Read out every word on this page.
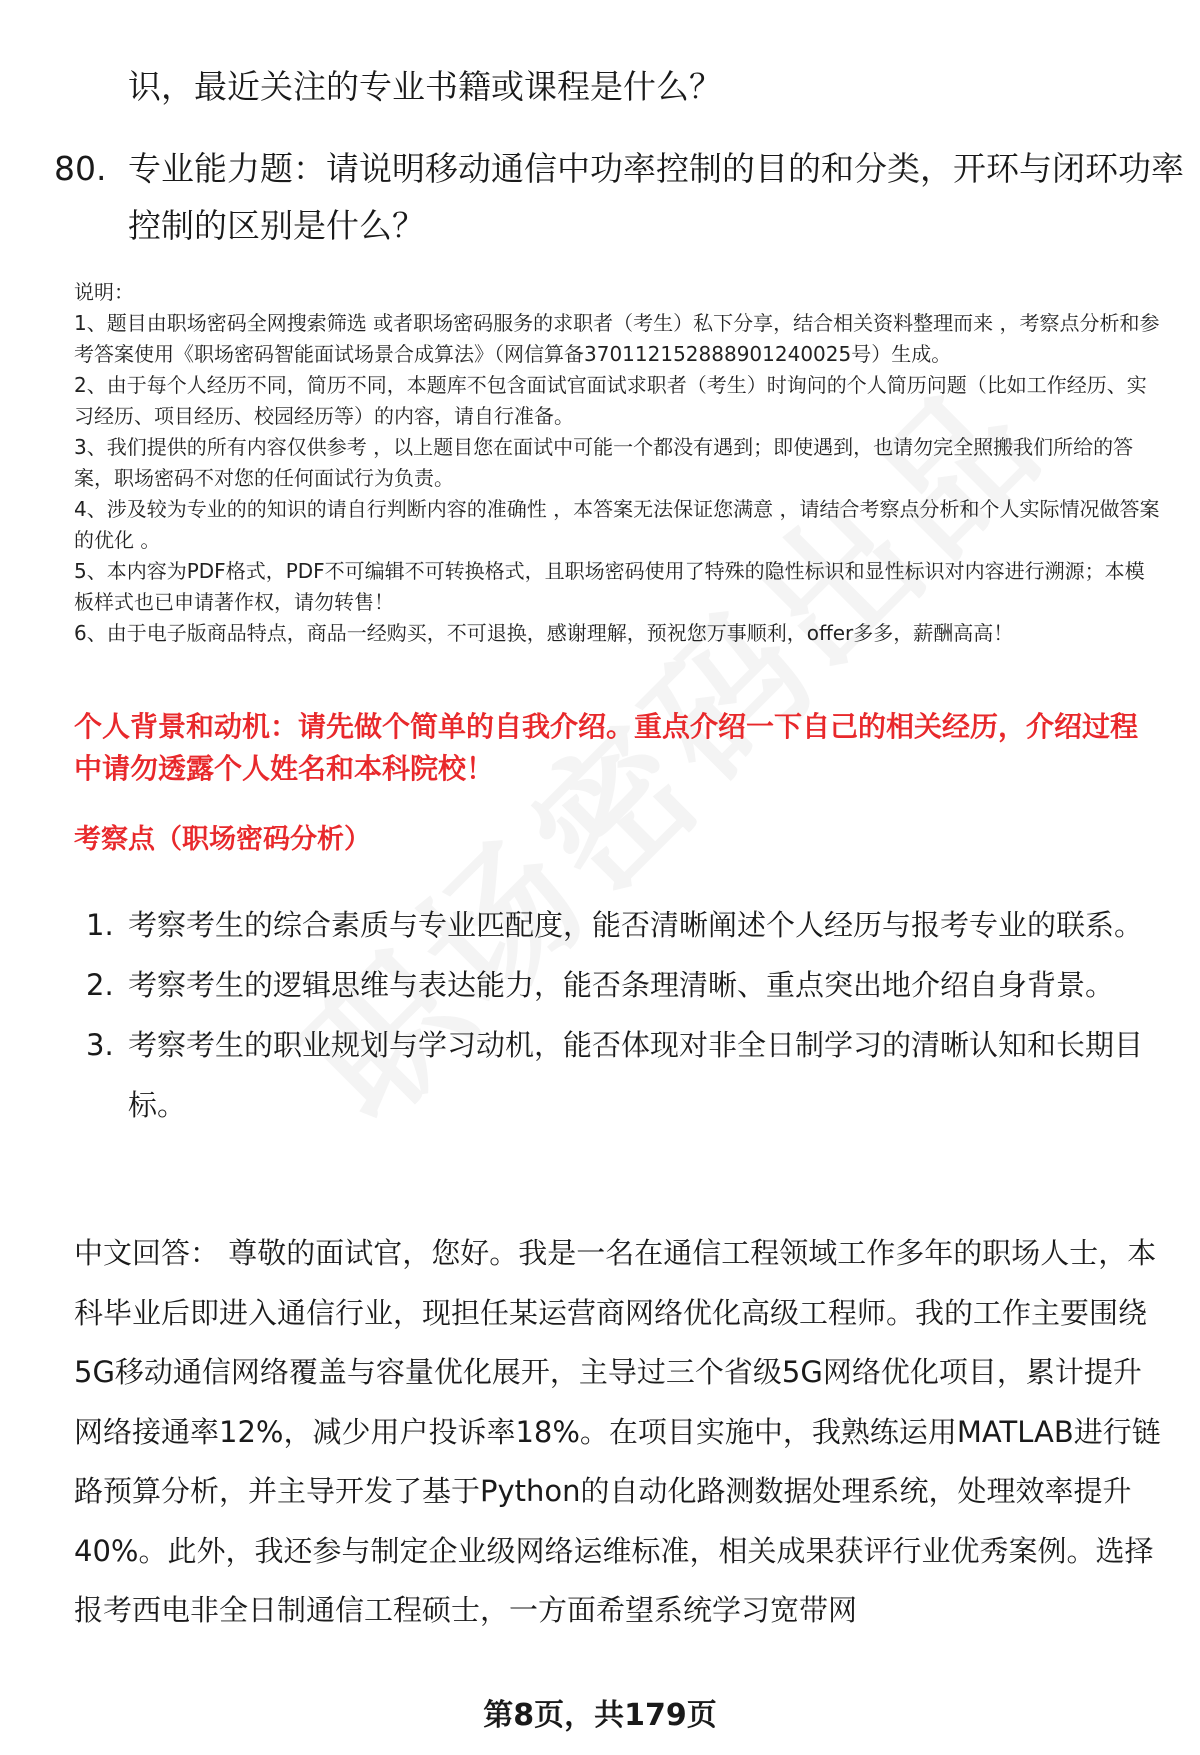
识，最近关注的专业书籍或课程是什么？
80. 专业能力题：请说明移动通信中功率控制的目的和分类，开环与闭环功率控制的区别是什么？

说明：

1、题目由职场密码全网搜索筛选 或者职场密码服务的求职者（考生）私下分享，结合相关资料整理而来 ，考察点分析和参考答案使用《职场密码智能面试场景合成算法》（网信算备370112152888901240025号）生成。

2、由于每个人经历不同，简历不同，本题库不包含面试官面试求职者（考生）时询问的个人简历问题（比如工作经历、实习经历、项目经历、校园经历等）的内容，请自行准备。

3、我们提供的所有内容仅供参考 ，以上题目您在面试中可能一个都没有遇到；即使遇到，也请勿完全照搬我们所给的答案，职场密码不对您的任何面试行为负责。

4、涉及较为专业的的知识的请自行判断内容的准确性 ，本答案无法保证您满意 ，请结合考察点分析和个人实际情况做答案的优化 。

5、本内容为PDF格式，PDF不可编辑不可转换格式，且职场密码使用了特殊的隐性标识和显性标识对内容进行溯源；本模板样式也已申请著作权，请勿转售！

6、由于电子版商品特点，商品一经购买，不可退换，感谢理解，预祝您万事顺利，offer多多，薪酬高高！

个人背景和动机：请先做个简单的自我介绍。重点介绍一下自己的相关经历，介绍过程中请勿透露个人姓名和本科院校！
考察点（职场密码分析）
1. 考察考生的综合素质与专业匹配度，能否清晰阐述个人经历与报考专业的联系。
2. 考察考生的逻辑思维与表达能力，能否条理清晰、重点突出地介绍自身背景。
3. 考察考生的职业规划与学习动机，能否体现对非全日制学习的清晰认知和长期目标。
中文回答： 尊敬的面试官，您好。我是一名在通信工程领域工作多年的职场人士，本科毕业后即进入通信行业，现担任某运营商网络优化高级工程师。我的工作主要围绕5G移动通信网络覆盖与容量优化展开，主导过三个省级5G网络优化项目，累计提升网络接通率12%，减少用户投诉率18%。在项目实施中，我熟练运用MATLAB进行链路预算分析，并主导开发了基于Python的自动化路测数据处理系统，处理效率提升40%。此外，我还参与制定企业级网络运维标准，相关成果获评行业优秀案例。选择报考西电非全日制通信工程硕士，一方面希望系统学习宽带网
第8页，共179页
